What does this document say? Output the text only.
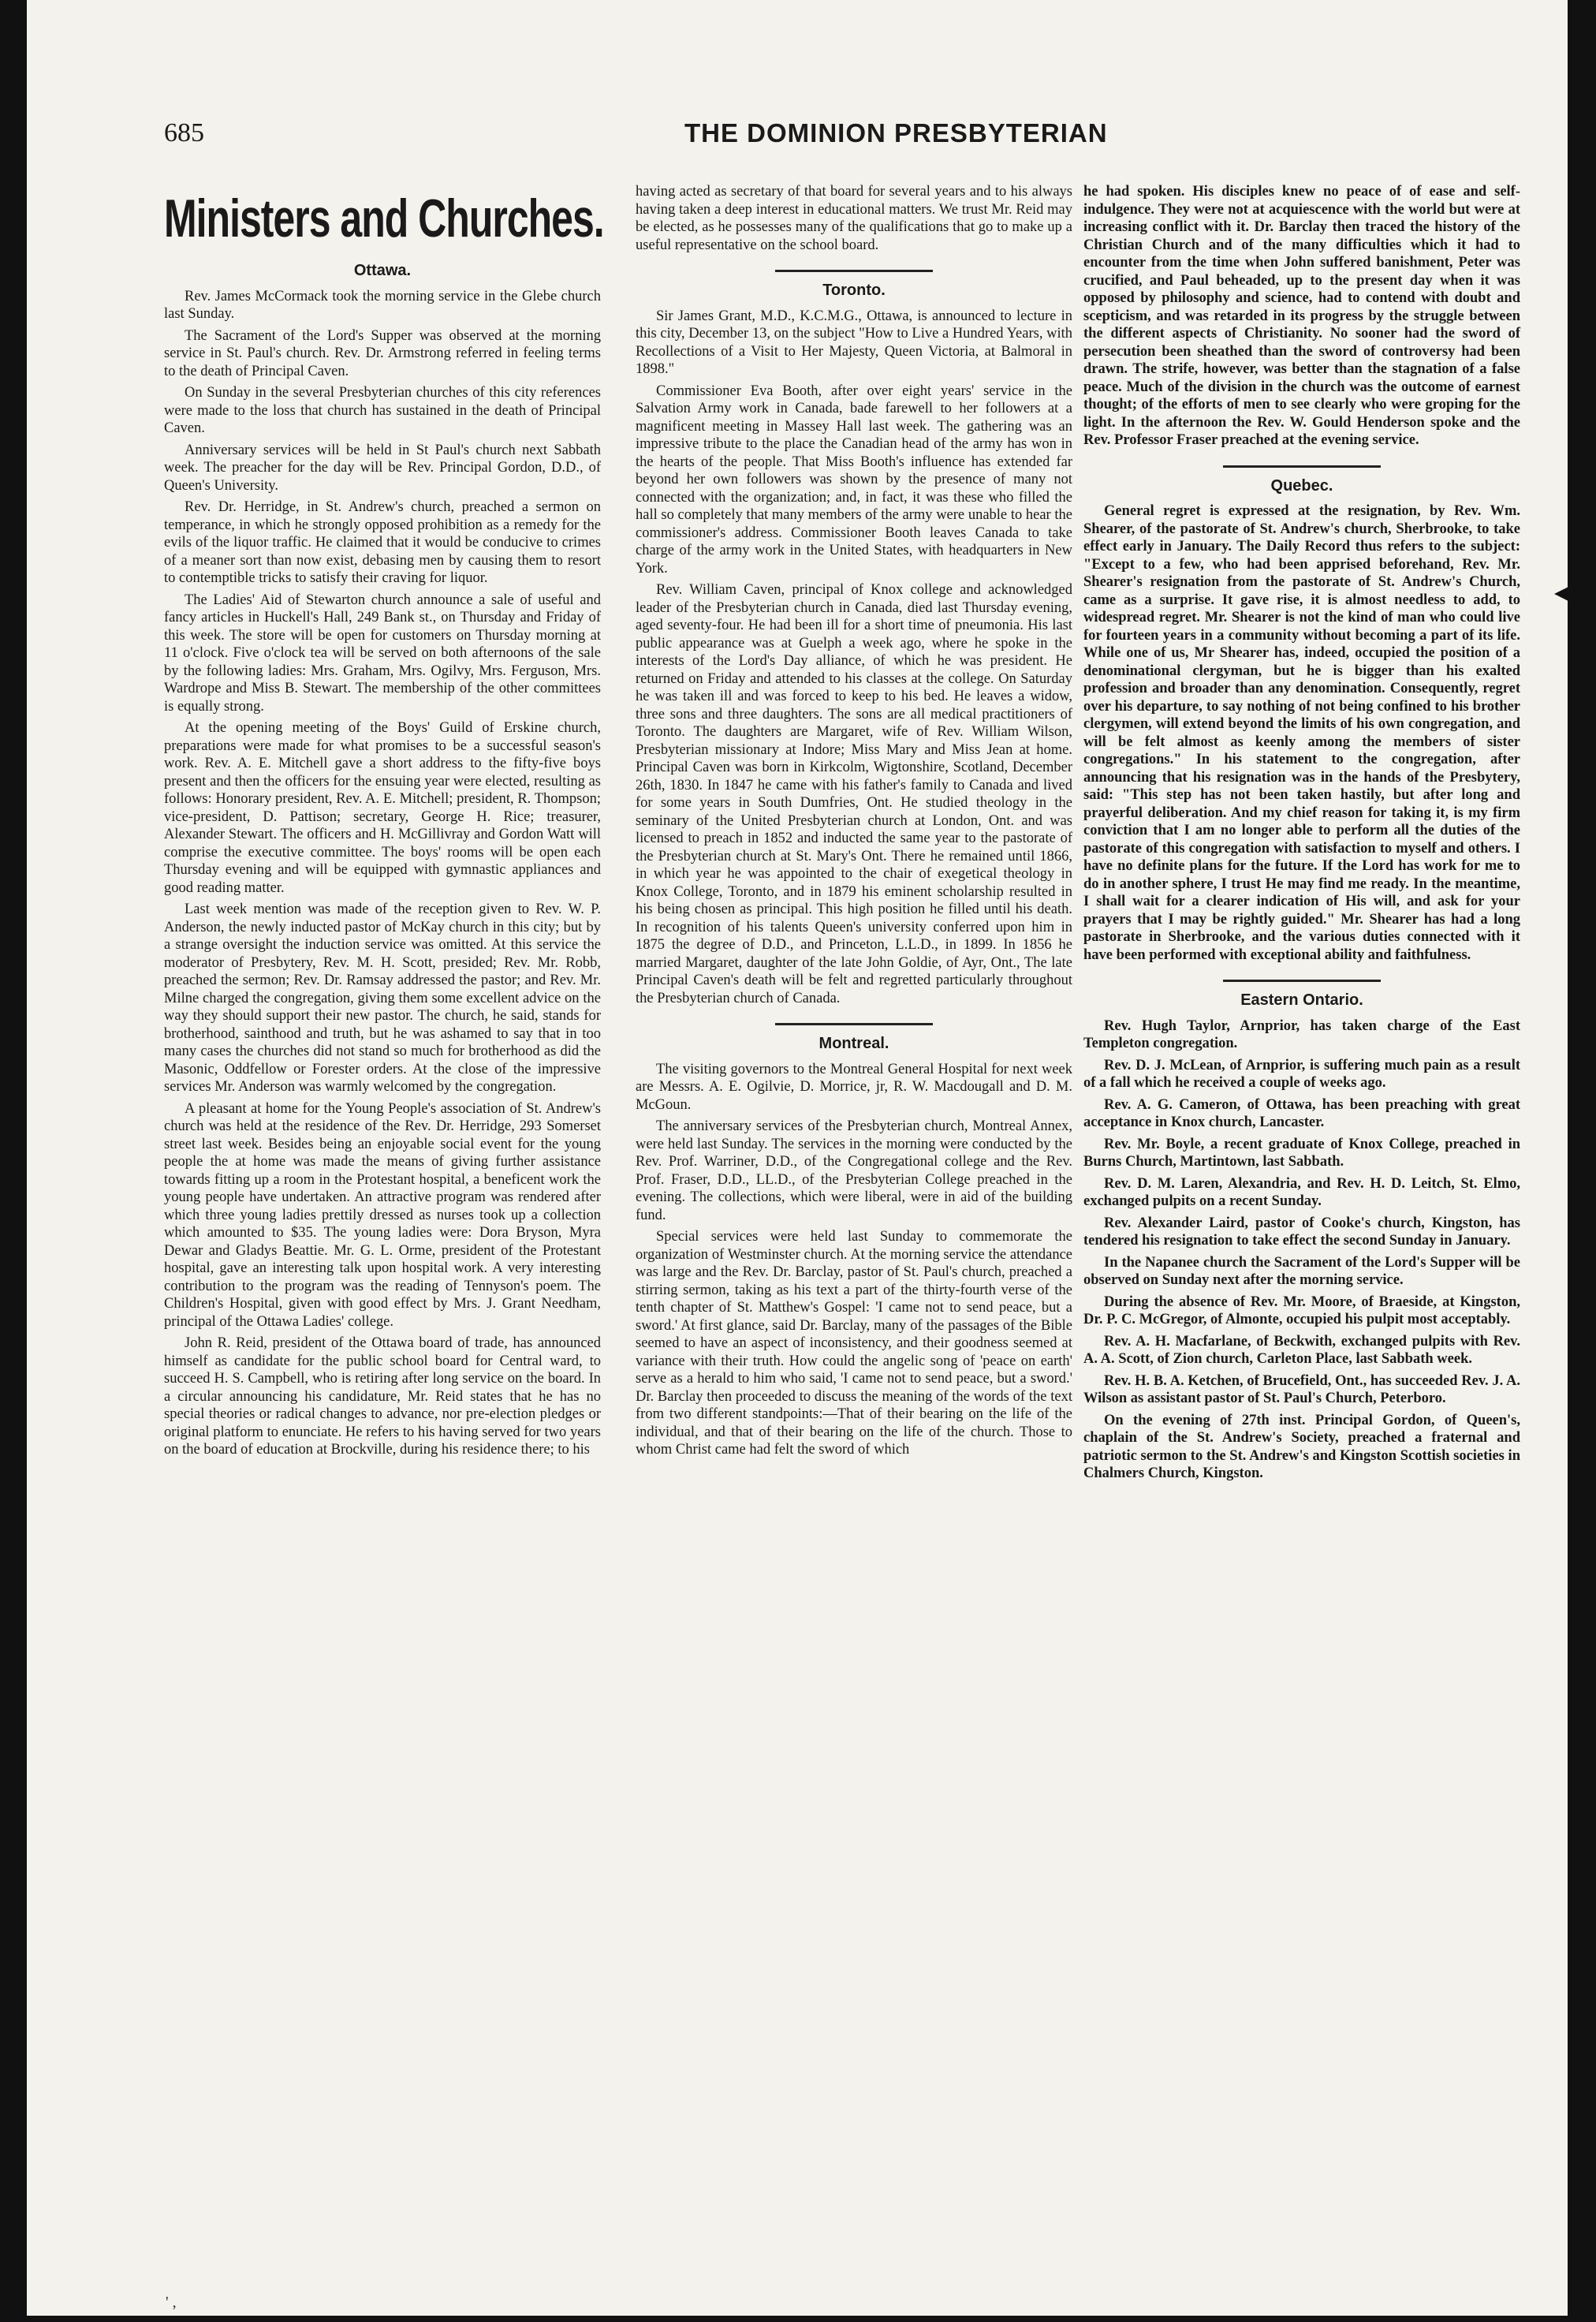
◂
685	THE DOMINION PRESBYTERIAN
Ministers and Churches.
Ottawa.

Rev. James McCormack took the morning service in the Glebe church last Sunday.

The Sacrament of the Lord's Supper was observed at the morning service in St. Paul's church. Rev. Dr. Armstrong referred in feeling terms to the death of Principal Caven.

On Sunday in the several Presbyterian churches of this city references were made to the loss that church has sustained in the death of Principal Caven.

Anniversary services will be held in St Paul's church next Sabbath week. The preacher for the day will be Rev. Principal Gordon, D.D., of Queen's University.

Rev. Dr. Herridge, in St. Andrew's church, preached a sermon on temperance, in which he strongly opposed prohibition as a remedy for the evils of the liquor traffic. He claimed that it would be conducive to crimes of a meaner sort than now exist, debasing men by causing them to resort to contemptible tricks to satisfy their craving for liquor.

The Ladies' Aid of Stewarton church announce a sale of useful and fancy articles in Huckell's Hall, 249 Bank st., on Thursday and Friday of this week. The store will be open for customers on Thursday morning at 11 o'clock. Five o'clock tea will be served on both afternoons of the sale by the following ladies: Mrs. Graham, Mrs. Ogilvy, Mrs. Ferguson, Mrs. Wardrope and Miss B. Stewart. The membership of the other committees is equally strong.

At the opening meeting of the Boys' Guild of Erskine church, preparations were made for what promises to be a successful season's work. Rev. A. E. Mitchell gave a short address to the fifty-five boys present and then the officers for the ensuing year were elected, resulting as follows: Honorary president, Rev. A. E. Mitchell; president, R. Thompson; vice-president, D. Pattison; secretary, George H. Rice; treasurer, Alexander Stewart. The officers and H. McGillivray and Gordon Watt will comprise the executive committee. The boys' rooms will be open each Thursday evening and will be equipped with gymnastic appliances and good reading matter.

Last week mention was made of the reception given to Rev. W. P. Anderson, the newly inducted pastor of McKay church in this city; but by a strange oversight the induction service was omitted. At this service the moderator of Presbytery, Rev. M. H. Scott, presided; Rev. Mr. Robb, preached the sermon; Rev. Dr. Ramsay addressed the pastor; and Rev. Mr. Milne charged the congregation, giving them some excellent advice on the way they should support their new pastor. The church, he said, stands for brotherhood, sainthood and truth, but he was ashamed to say that in too many cases the churches did not stand so much for brotherhood as did the Masonic, Oddfellow or Forester orders. At the close of the impressive services Mr. Anderson was warmly welcomed by the congregation.

A pleasant at home for the Young People's association of St. Andrew's church was held at the residence of the Rev. Dr. Herridge, 293 Somerset street last week. Besides being an enjoyable social event for the young people the at home was made the means of giving further assistance towards fitting up a room in the Protestant hospital, a beneficent work the young people have undertaken. An attractive program was rendered after which three young ladies prettily dressed as nurses took up a collection which amounted to $35. The young ladies were: Dora Bryson, Myra Dewar and Gladys Beattie. Mr. G. L. Orme, president of the Protestant hospital, gave an interesting talk upon hospital work. A very interesting contribution to the program was the reading of Tennyson's poem. The Children's Hospital, given with good effect by Mrs. J. Grant Needham, principal of the Ottawa Ladies' college.

John R. Reid, president of the Ottawa board of trade, has announced himself as candidate for the public school board for Central ward, to succeed H. S. Campbell, who is retiring after long service on the board. In a circular announcing his candidature, Mr. Reid states that he has no special theories or radical changes to advance, nor pre-election pledges or original platform to enunciate. He refers to his having served for two years on the board of education at Brockville, during his residence there; to his

having acted as secretary of that board for several years and to his always having taken a deep interest in educational matters. We trust Mr. Reid may be elected, as he possesses many of the qualifications that go to make up a useful representative on the school board.

Toronto.

Sir James Grant, M.D., K.C.M.G., Ottawa, is announced to lecture in this city, December 13, on the subject "How to Live a Hundred Years, with Recollections of a Visit to Her Majesty, Queen Victoria, at Balmoral in 1898."

Commissioner Eva Booth, after over eight years' service in the Salvation Army work in Canada, bade farewell to her followers at a magnificent meeting in Massey Hall last week. The gathering was an impressive tribute to the place the Canadian head of the army has won in the hearts of the people. That Miss Booth's influence has extended far beyond her own followers was shown by the presence of many not connected with the organization; and, in fact, it was these who filled the hall so completely that many members of the army were unable to hear the commissioner's address. Commissioner Booth leaves Canada to take charge of the army work in the United States, with headquarters in New York.

Rev. William Caven, principal of Knox college and acknowledged leader of the Presbyterian church in Canada, died last Thursday evening, aged seventy-four. He had been ill for a short time of pneumonia. His last public appearance was at Guelph a week ago, where he spoke in the interests of the Lord's Day alliance, of which he was president. He returned on Friday and attended to his classes at the college. On Saturday he was taken ill and was forced to keep to his bed. He leaves a widow, three sons and three daughters. The sons are all medical practitioners of Toronto. The daughters are Margaret, wife of Rev. William Wilson, Presbyterian missionary at Indore; Miss Mary and Miss Jean at home. Principal Caven was born in Kirkcolm, Wigtonshire, Scotland, December 26th, 1830. In 1847 he came with his father's family to Canada and lived for some years in South Dumfries, Ont. He studied theology in the seminary of the United Presbyterian church at London, Ont. and was licensed to preach in 1852 and inducted the same year to the pastorate of the Presbyterian church at St. Mary's Ont. There he remained until 1866, in which year he was appointed to the chair of exegetical theology in Knox College, Toronto, and in 1879 his eminent scholarship resulted in his being chosen as principal. This high position he filled until his death. In recognition of his talents Queen's university conferred upon him in 1875 the degree of D.D., and Princeton, L.L.D., in 1899. In 1856 he married Margaret, daughter of the late John Goldie, of Ayr, Ont., The late Principal Caven's death will be felt and regretted particularly throughout the Presbyterian church of Canada.

Montreal.

The visiting governors to the Montreal General Hospital for next week are Messrs. A. E. Ogilvie, D. Morrice, jr, R. W. Macdougall and D. M. McGoun.

The anniversary services of the Presbyterian church, Montreal Annex, were held last Sunday. The services in the morning were conducted by the Rev. Prof. Warriner, D.D., of the Congregational college and the Rev. Prof. Fraser, D.D., LL.D., of the Presbyterian College preached in the evening. The collections, which were liberal, were in aid of the building fund.

Special services were held last Sunday to commemorate the organization of Westminster church. At the morning service the attendance was large and the Rev. Dr. Barclay, pastor of St. Paul's church, preached a stirring sermon, taking as his text a part of the thirty-fourth verse of the tenth chapter of St. Matthew's Gospel: 'I came not to send peace, but a sword.' At first glance, said Dr. Barclay, many of the passages of the Bible seemed to have an aspect of inconsistency, and their goodness seemed at variance with their truth. How could the angelic song of 'peace on earth' serve as a herald to him who said, 'I came not to send peace, but a sword.' Dr. Barclay then proceeded to discuss the meaning of the words of the text from two different standpoints:—That of their bearing on the life of the individual, and that of their bearing on the life of the church. Those to whom Christ came had felt the sword of which

he had spoken. His disciples knew no peace of of ease and self-indulgence. They were not at acquiescence with the world but were at increasing conflict with it. Dr. Barclay then traced the history of the Christian Church and of the many difficulties which it had to encounter from the time when John suffered banishment, Peter was crucified, and Paul beheaded, up to the present day when it was opposed by philosophy and science, had to contend with doubt and scepticism, and was retarded in its progress by the struggle between the different aspects of Christianity. No sooner had the sword of persecution been sheathed than the sword of controversy had been drawn. The strife, however, was better than the stagnation of a false peace. Much of the division in the church was the outcome of earnest thought; of the efforts of men to see clearly who were groping for the light. In the afternoon the Rev. W. Gould Henderson spoke and the Rev. Professor Fraser preached at the evening service.

Quebec.

General regret is expressed at the resignation, by Rev. Wm. Shearer, of the pastorate of St. Andrew's church, Sherbrooke, to take effect early in January. The Daily Record thus refers to the subject: "Except to a few, who had been apprised beforehand, Rev. Mr. Shearer's resignation from the pastorate of St. Andrew's Church, came as a surprise. It gave rise, it is almost needless to add, to widespread regret. Mr. Shearer is not the kind of man who could live for fourteen years in a community without becoming a part of its life. While one of us, Mr Shearer has, indeed, occupied the position of a denominational clergyman, but he is bigger than his exalted profession and broader than any denomination. Consequently, regret over his departure, to say nothing of not being confined to his brother clergymen, will extend beyond the limits of his own congregation, and will be felt almost as keenly among the members of sister congregations." In his statement to the congregation, after announcing that his resignation was in the hands of the Presbytery, said: "This step has not been taken hastily, but after long and prayerful deliberation. And my chief reason for taking it, is my firm conviction that I am no longer able to perform all the duties of the pastorate of this congregation with satisfaction to myself and others. I have no definite plans for the future. If the Lord has work for me to do in another sphere, I trust He may find me ready. In the meantime, I shall wait for a clearer indication of His will, and ask for your prayers that I may be rightly guided." Mr. Shearer has had a long pastorate in Sherbrooke, and the various duties connected with it have been performed with exceptional ability and faithfulness.

Eastern Ontario.

Rev. Hugh Taylor, Arnprior, has taken charge of the East Templeton congregation.

Rev. D. J. McLean, of Arnprior, is suffering much pain as a result of a fall which he received a couple of weeks ago.

Rev. A. G. Cameron, of Ottawa, has been preaching with great acceptance in Knox church, Lancaster.

Rev. Mr. Boyle, a recent graduate of Knox College, preached in Burns Church, Martintown, last Sabbath.

Rev. D. M. Laren, Alexandria, and Rev. H. D. Leitch, St. Elmo, exchanged pulpits on a recent Sunday.

Rev. Alexander Laird, pastor of Cooke's church, Kingston, has tendered his resignation to take effect the second Sunday in January.

In the Napanee church the Sacrament of the Lord's Supper will be observed on Sunday next after the morning service.

During the absence of Rev. Mr. Moore, of Braeside, at Kingston, Dr. P. C. McGregor, of Almonte, occupied his pulpit most acceptably.

Rev. A. H. Macfarlane, of Beckwith, exchanged pulpits with Rev. A. A. Scott, of Zion church, Carleton Place, last Sabbath week.

Rev. H. B. A. Ketchen, of Brucefield, Ont., has succeeded Rev. J. A. Wilson as assistant pastor of St. Paul's Church, Peterboro.

On the evening of 27th inst. Principal Gordon, of Queen's, chaplain of the St. Andrew's Society, preached a fraternal and patriotic sermon to the St. Andrew's and Kingston Scottish societies in Chalmers Church, Kingston.

' ,
